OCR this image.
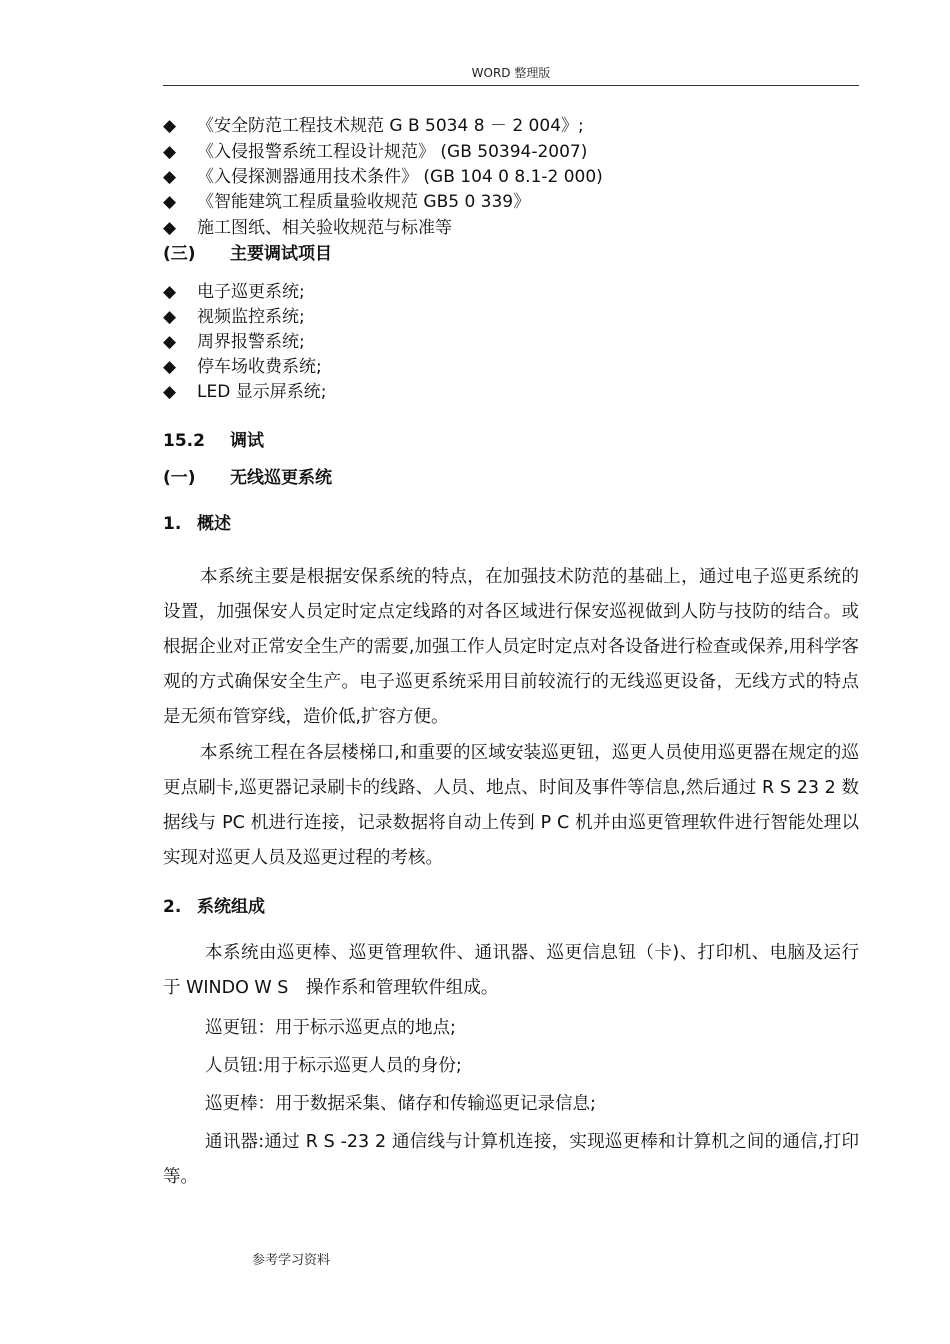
WORD 整理版
◆ 《安全防范工程技术规范 G B 5034 8 － 2 004》;
◆ 《入侵报警系统工程设计规范》 (GB 50394-2007)
◆ 《入侵探测器通用技术条件》 (GB 104 0 8.1-2 000)
◆ 《智能建筑工程质量验收规范 GB5 0 339》
◆ 施工图纸、相关验收规范与标准等
(三) 主要调试项目
◆ 电子巡更系统;
◆ 视频监控系统;
◆ 周界报警系统;
◆ 停车场收费系统;
◆ LED 显示屏系统;
15.2 调试
(一) 无线巡更系统
1. 概述

本系统主要是根据安保系统的特点，在加强技术防范的基础上，通过电子巡更系统的设置，加强保安人员定时定点定线路的对各区域进行保安巡视做到人防与技防的结合。或根据企业对正常安全生产的需要,加强工作人员定时定点对各设备进行检查或保养,用科学客观的方式确保安全生产。电子巡更系统采用目前较流行的无线巡更设备，无线方式的特点是无须布管穿线，造价低,扩容方便。

本系统工程在各层楼梯口,和重要的区域安装巡更钮，巡更人员使用巡更器在规定的巡更点刷卡,巡更器记录刷卡的线路、人员、地点、时间及事件等信息,然后通过 R S 23 2 数据线与 PC 机进行连接，记录数据将自动上传到 P C 机并由巡更管理软件进行智能处理以实现对巡更人员及巡更过程的考核。

2. 系统组成

本系统由巡更棒、巡更管理软件、通讯器、巡更信息钮（卡)、打印机、电脑及运行于 WINDO W S　操作系和管理软件组成。

巡更钮：用于标示巡更点的地点;
人员钮:用于标示巡更人员的身份;
巡更棒：用于数据采集、储存和传输巡更记录信息;

通讯器:通过 R S -23 2 通信线与计算机连接，实现巡更棒和计算机之间的通信,打印等。

参考学习资料
